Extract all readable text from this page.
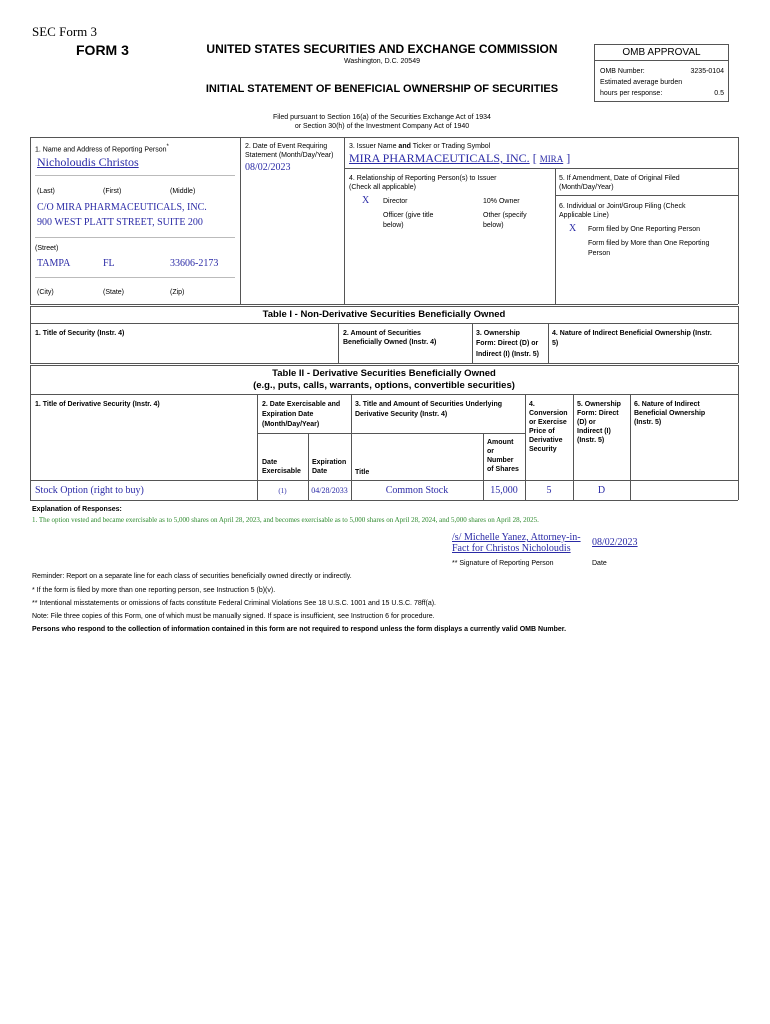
SEC Form 3
FORM 3	UNITED STATES SECURITIES AND EXCHANGE COMMISSION
Washington, D.C. 20549
INITIAL STATEMENT OF BENEFICIAL OWNERSHIP OF SECURITIES
OMB APPROVAL
OMB Number:	3235-0104
Estimated average burden
hours per response:	0.5
Filed pursuant to Section 16(a) of the Securities Exchange Act of 1934
or Section 30(h) of the Investment Company Act of 1940
1. Name and Address of Reporting Person*
Nicholoudis Christos
(Last)	(First)	(Middle)
C/O MIRA PHARMACEUTICALS, INC.
900 WEST PLATT STREET, SUITE 200
(Street)
TAMPA	FL	33606-2173
(City)	(State)	(Zip)
2. Date of Event Requiring
Statement (Month/Day/Year)
08/02/2023
3. Issuer Name and Ticker or Trading Symbol
MIRA PHARMACEUTICALS, INC. [ MIRA ]
4. Relationship of Reporting Person(s) to Issuer
(Check all applicable)
X Director	10% Owner
Officer (give title
below)
Other (specify
below)
5. If Amendment, Date of Original Filed
(Month/Day/Year)
6. Individual or Joint/Group Filing (Check
Applicable Line)
X Form filed by One Reporting Person
Form filed by More than One Reporting
Person
Table I - Non-Derivative Securities Beneficially Owned
1. Title of Security (Instr. 4)	2. Amount of Securities
Beneficially Owned (Instr. 4)
3. Ownership
Form: Direct (D) or
Indirect (I) (Instr. 5)
4. Nature of Indirect Beneficial Ownership (Instr.
5)
Table II - Derivative Securities Beneficially Owned
(e.g., puts, calls, warrants, options, convertible securities)
1. Title of Derivative Security (Instr. 4)	2. Date Exercisable and
Expiration Date
(Month/Day/Year)
3. Title and Amount of Securities Underlying
Derivative Security (Instr. 4)
4.
Conversion
or Exercise
Price of
Derivative
Security
5. Ownership
Form: Direct
(D) or
Indirect (I)
(Instr. 5)
6. Nature of Indirect
Beneficial Ownership
(Instr. 5)
Date
Exercisable
Expiration
Date	Title
Amount
or
Number
of Shares
Stock Option (right to buy)	(1)	04/28/2033	Common Stock	15,000	5	D
Explanation of Responses:
1. The option vested and became exercisable as to 5,000 shares on April 28, 2023, and becomes exercisable as to 5,000 shares on April 28, 2024, and 5,000 shares on April 28, 2025.
/s/ Michelle Yanez, Attorney-in-
Fact for Christos Nicholoudis
08/02/2023
** Signature of Reporting Person	Date
Reminder: Report on a separate line for each class of securities beneficially owned directly or indirectly.
* If the form is filed by more than one reporting person, see Instruction 5 (b)(v).
** Intentional misstatements or omissions of facts constitute Federal Criminal Violations See 18 U.S.C. 1001 and 15 U.S.C. 78ff(a).
Note: File three copies of this Form, one of which must be manually signed. If space is insufficient, see Instruction 6 for procedure.
Persons who respond to the collection of information contained in this form are not required to respond unless the form displays a currently valid OMB Number.
